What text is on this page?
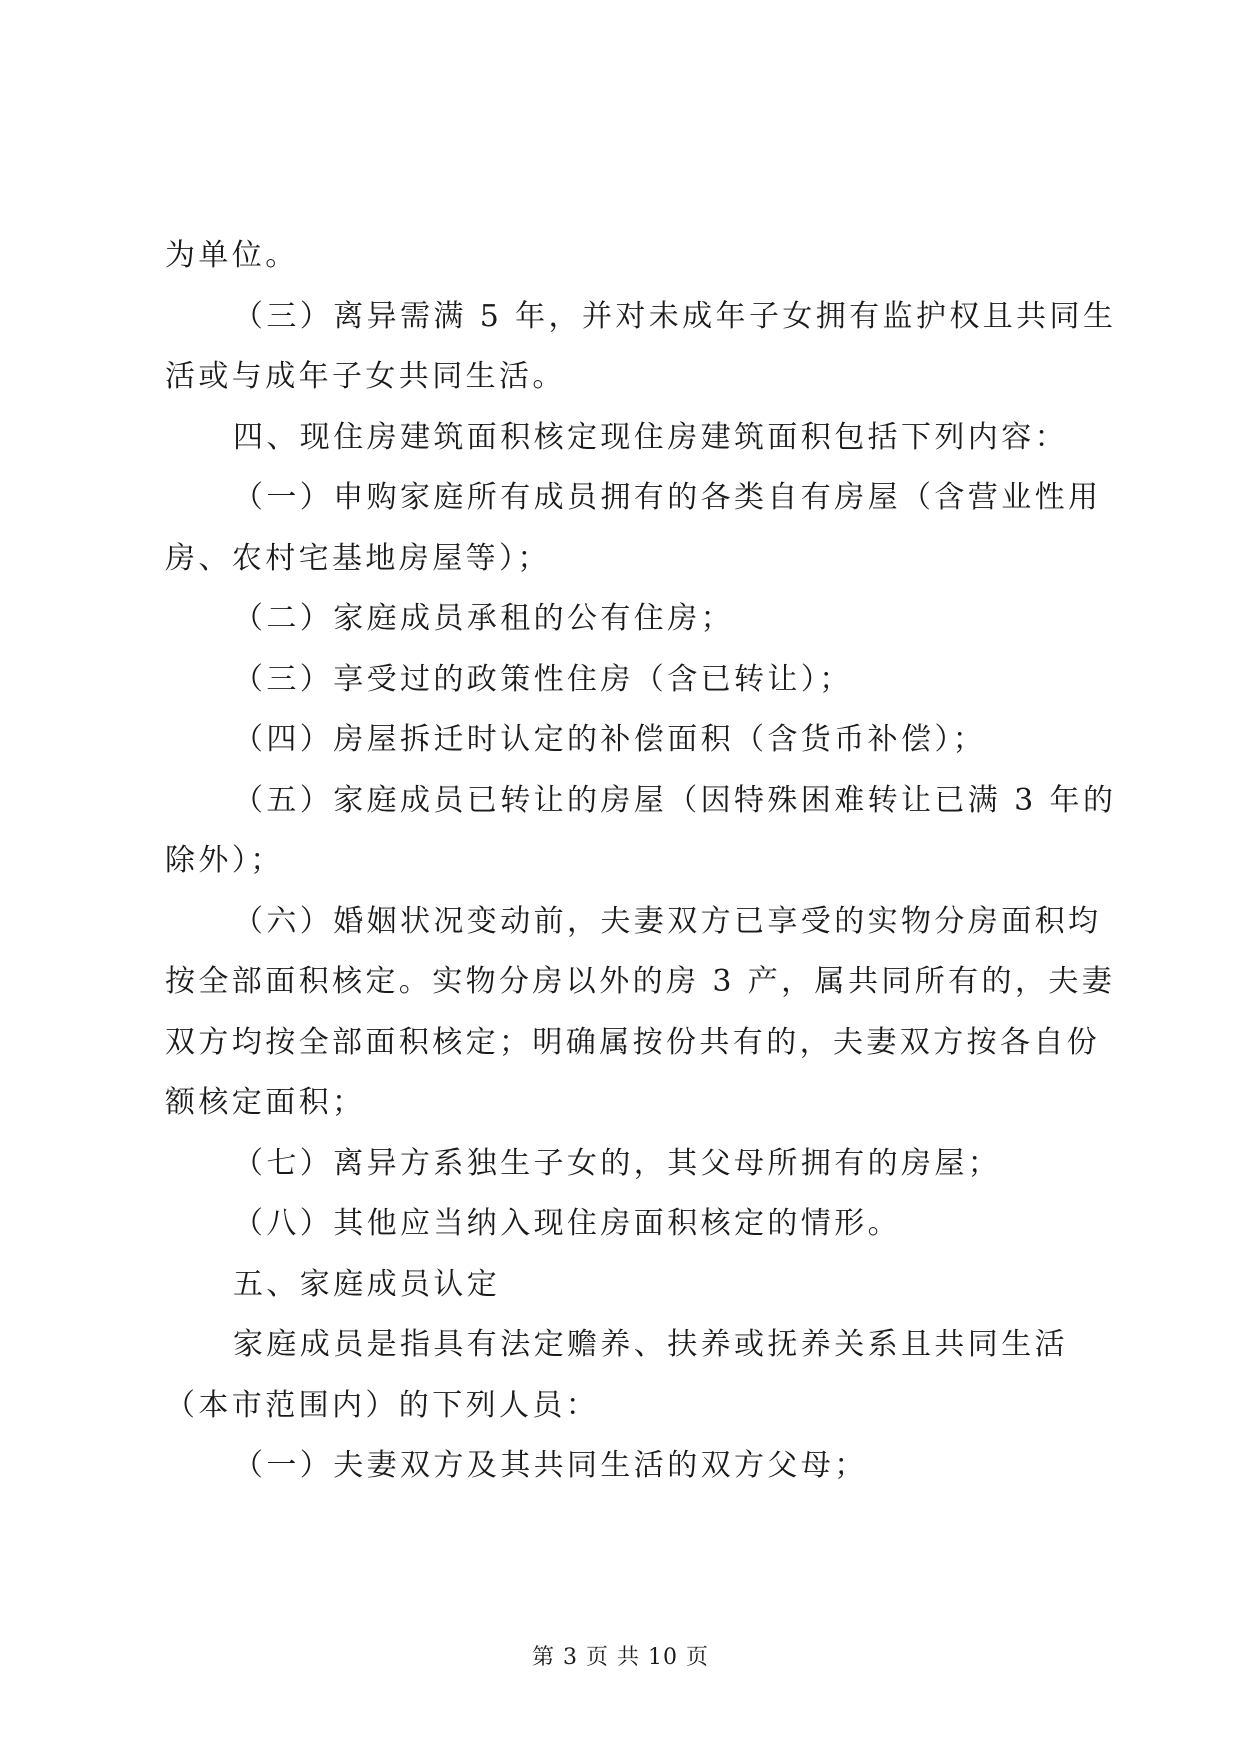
为单位。
（三）离异需满 5 年，并对未成年子女拥有监护权且共同生
活或与成年子女共同生活。
四、现住房建筑面积核定现住房建筑面积包括下列内容：
（一）申购家庭所有成员拥有的各类自有房屋（含营业性用
房、农村宅基地房屋等）；
（二）家庭成员承租的公有住房；
（三）享受过的政策性住房（含已转让）；
（四）房屋拆迁时认定的补偿面积（含货币补偿）；
（五）家庭成员已转让的房屋（因特殊困难转让已满 3 年的
除外）；
（六）婚姻状况变动前，夫妻双方已享受的实物分房面积均
按全部面积核定。实物分房以外的房 3 产，属共同所有的，夫妻
双方均按全部面积核定；明确属按份共有的，夫妻双方按各自份
额核定面积；
（七）离异方系独生子女的，其父母所拥有的房屋；
（八）其他应当纳入现住房面积核定的情形。
五、家庭成员认定
家庭成员是指具有法定赡养、扶养或抚养关系且共同生活
（本市范围内）的下列人员：
（一）夫妻双方及其共同生活的双方父母；
第 3 页 共 10 页
